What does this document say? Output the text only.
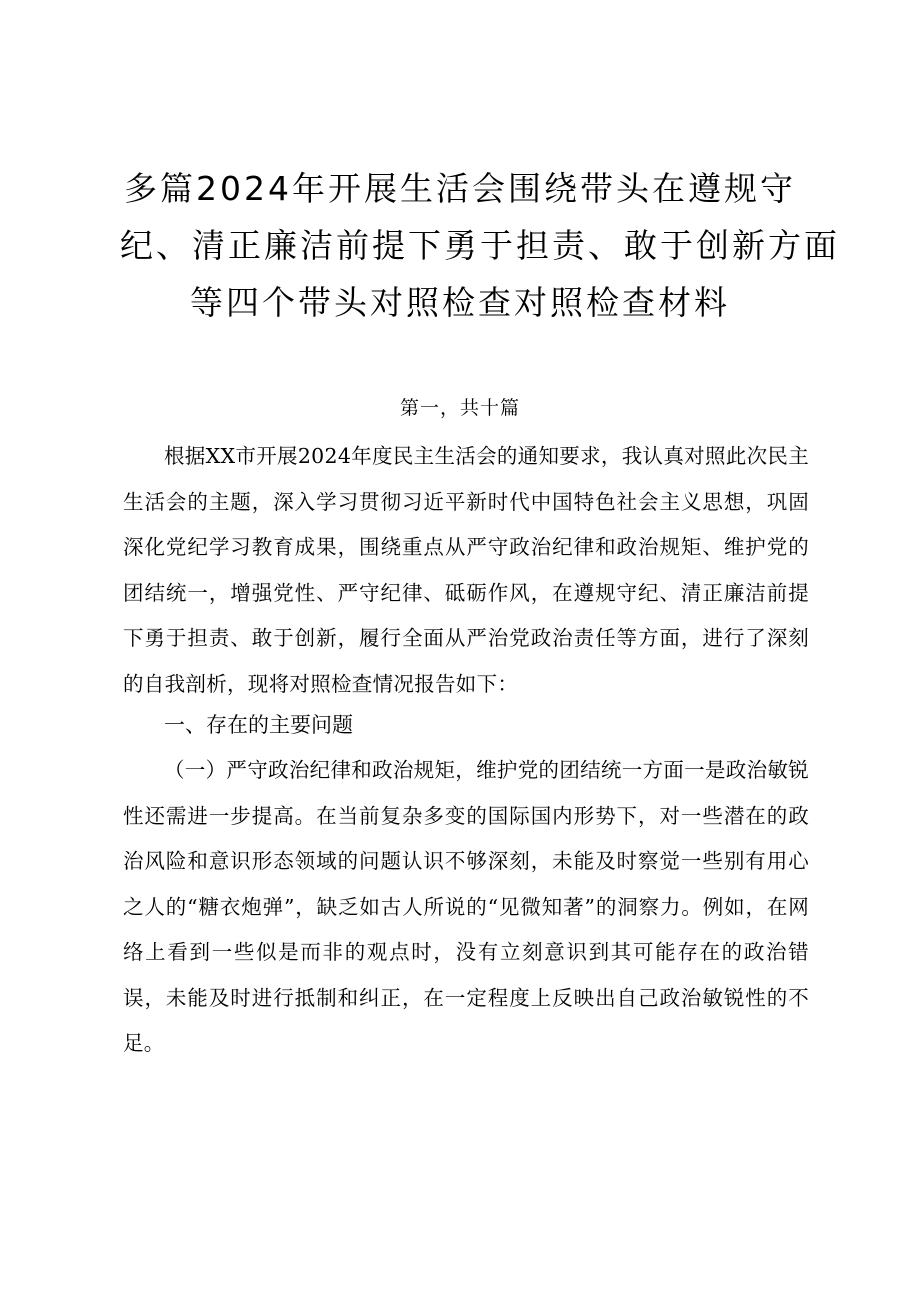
多篇2024年开展生活会围绕带头在遵规守
纪、清正廉洁前提下勇于担责、敢于创新方面
等四个带头对照检查对照检查材料
第一，共十篇

根据XX市开展2024年度民主生活会的通知要求，我认真对照此次民主生活会的主题，深入学习贯彻习近平新时代中国特色社会主义思想，巩固深化党纪学习教育成果，围绕重点从严守政治纪律和政治规矩、维护党的团结统一，增强党性、严守纪律、砥砺作风，在遵规守纪、清正廉洁前提下勇于担责、敢于创新，履行全面从严治党政治责任等方面，进行了深刻的自我剖析，现将对照检查情况报告如下：

一、存在的主要问题

（一）严守政治纪律和政治规矩，维护党的团结统一方面一是政治敏锐性还需进一步提高。在当前复杂多变的国际国内形势下，对一些潜在的政治风险和意识形态领域的问题认识不够深刻，未能及时察觉一些别有用心之人的“糖衣炮弹”，缺乏如古人所说的“见微知著”的洞察力。例如，在网络上看到一些似是而非的观点时，没有立刻意识到其可能存在的政治错误，未能及时进行抵制和纠正，在一定程度上反映出自己政治敏锐性的不足。
